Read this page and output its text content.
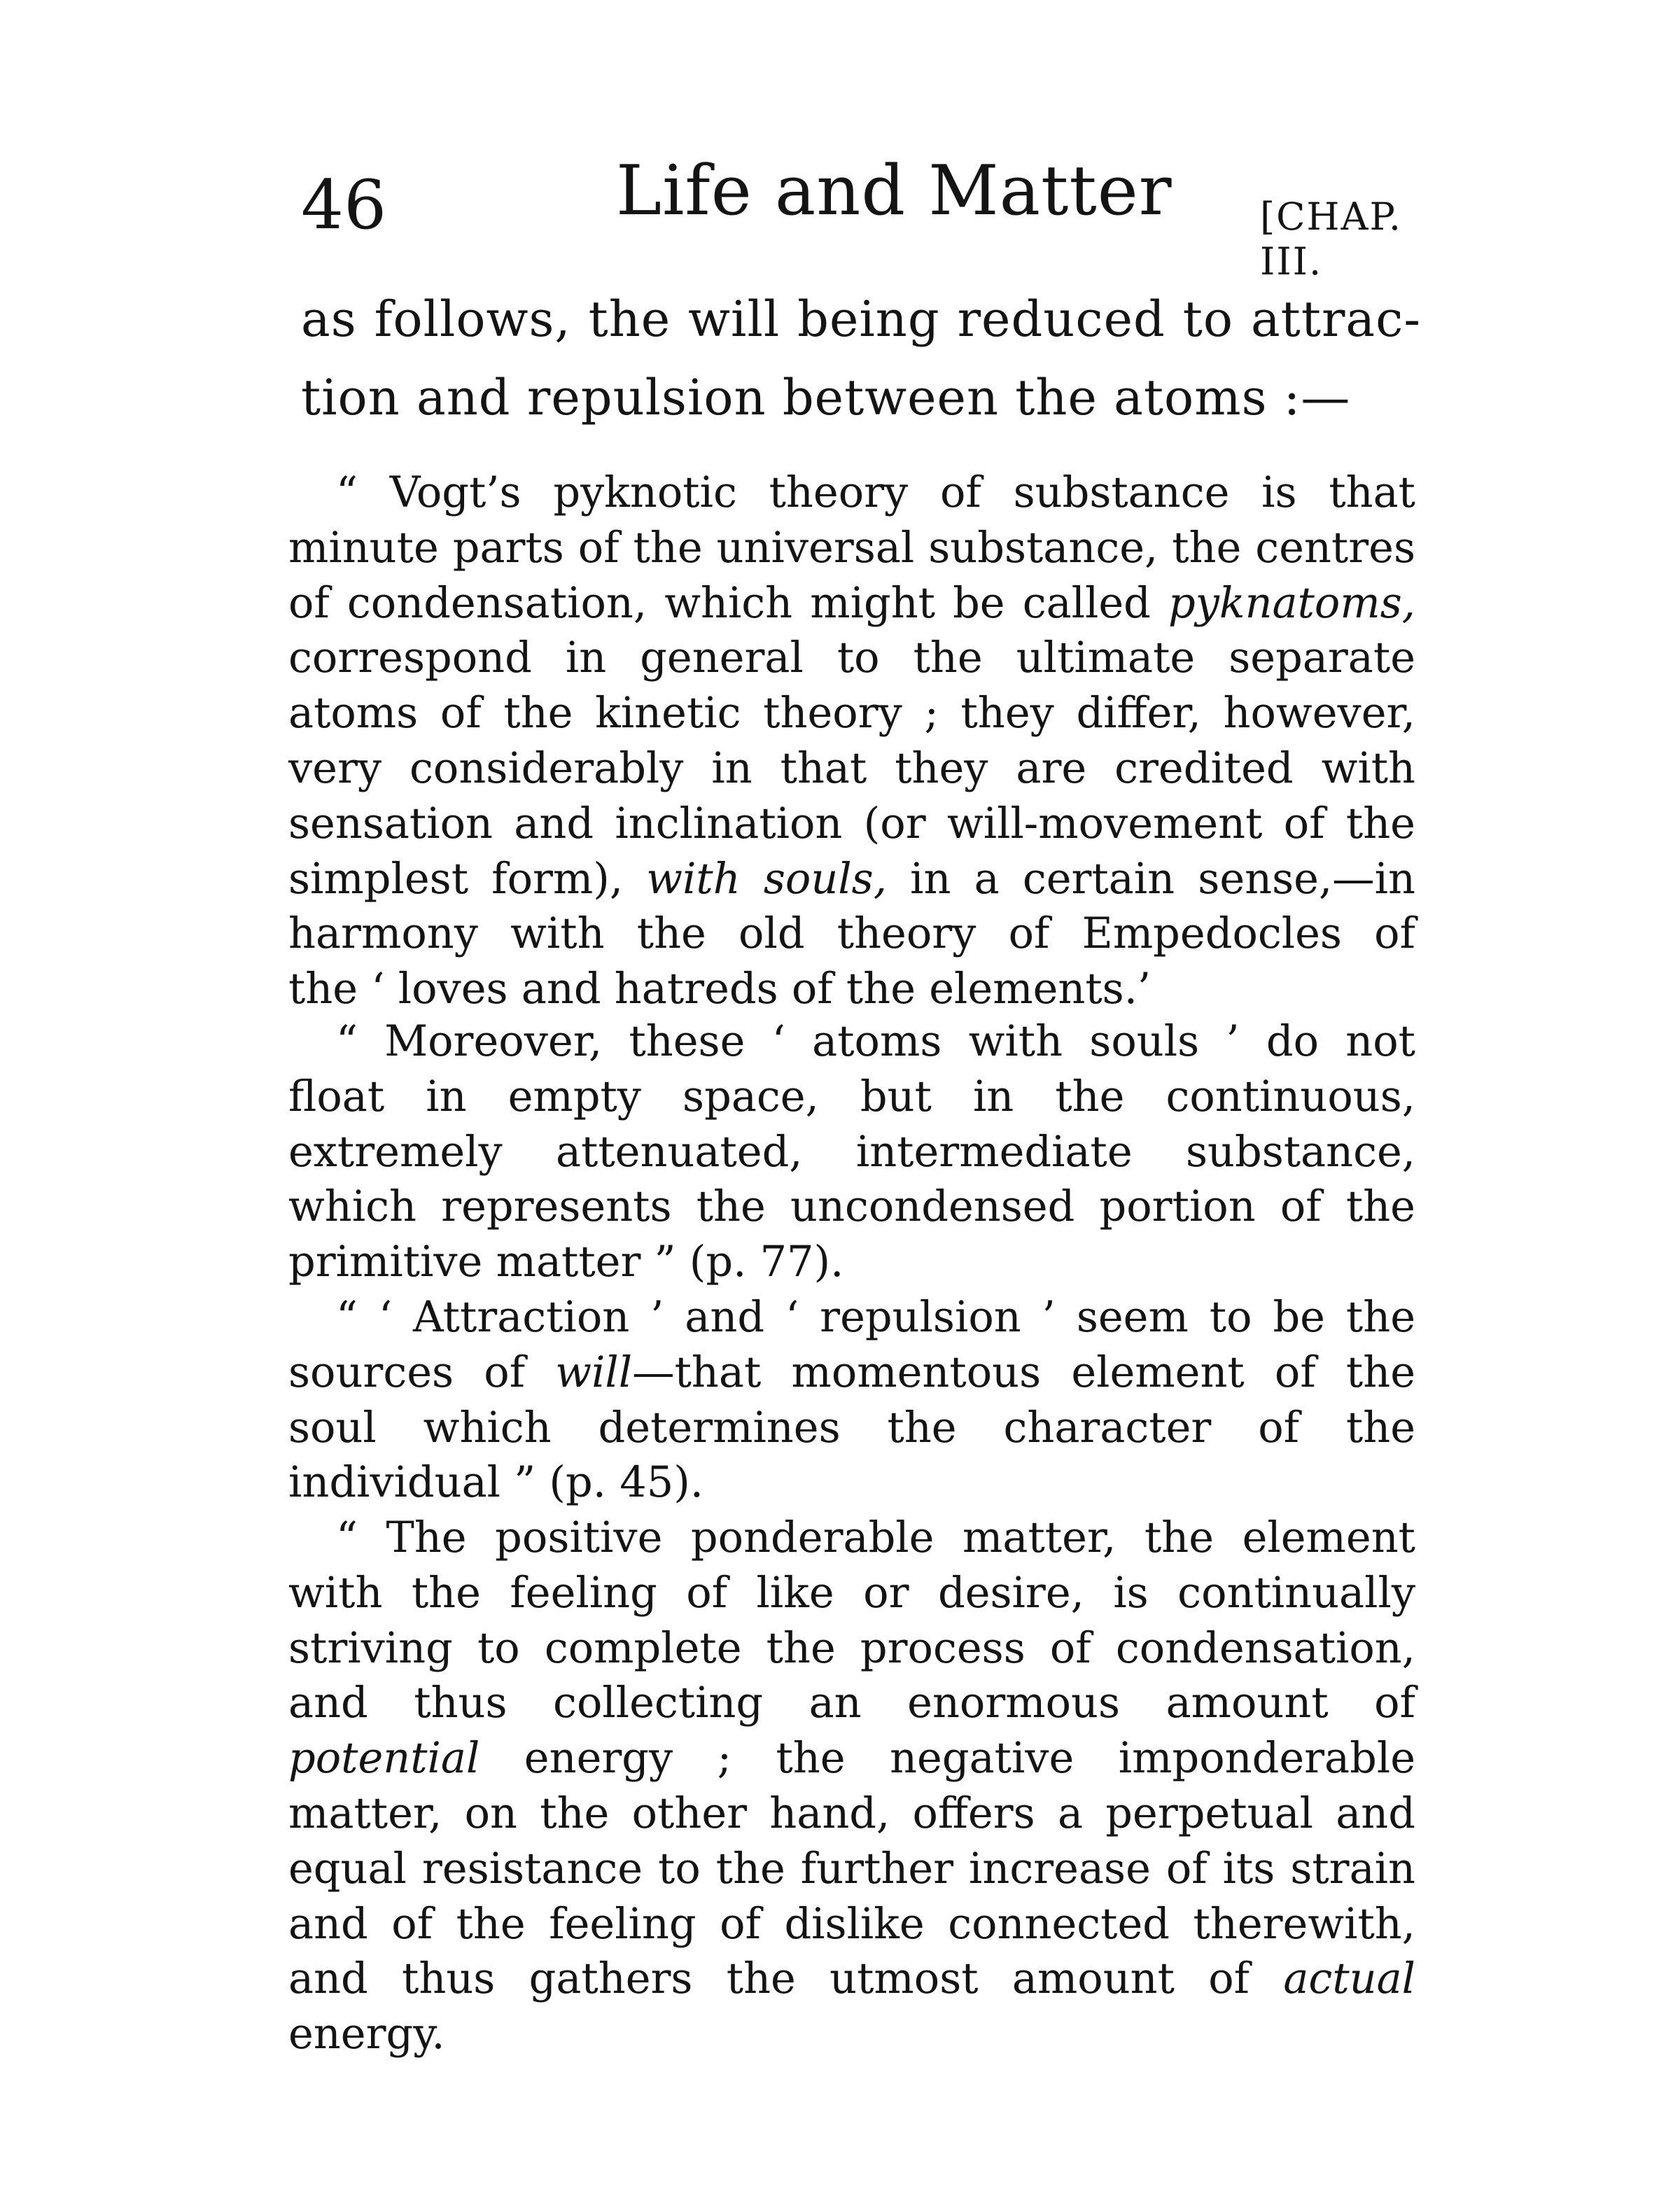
46	Life and Matter [CHAP. III.
as follows, the will being reduced to attrac-
tion and repulsion between the atoms :—
“ Vogt’s pyknotic theory of substance is that
minute parts of the universal substance, the centres
of condensation, which might be called pyknatoms,
correspond in general to the ultimate separate
atoms of the kinetic theory ; they differ, however,
very considerably in that they are credited with
sensation and inclination (or will-movement of the
simplest form), with souls, in a certain sense,—in
harmony with the old theory of Empedocles of
the ‘ loves and hatreds of the elements.’
“ Moreover, these ‘ atoms with souls ’ do not
float in empty space, but in the continuous,
extremely attenuated, intermediate substance,
which represents the uncondensed portion of the
primitive matter ” (p. 77).
“ ‘ Attraction ’ and ‘ repulsion ’ seem to be the
sources of will—that momentous element of the
soul which determines the character of the
individual ” (p. 45).
“ The positive ponderable matter, the element
with the feeling of like or desire, is continually
striving to complete the process of condensation,
and thus collecting an enormous amount of
potential energy ; the negative imponderable
matter, on the other hand, offers a perpetual and
equal resistance to the further increase of its strain
and of the feeling of dislike connected therewith,
and thus gathers the utmost amount of actual
energy.
